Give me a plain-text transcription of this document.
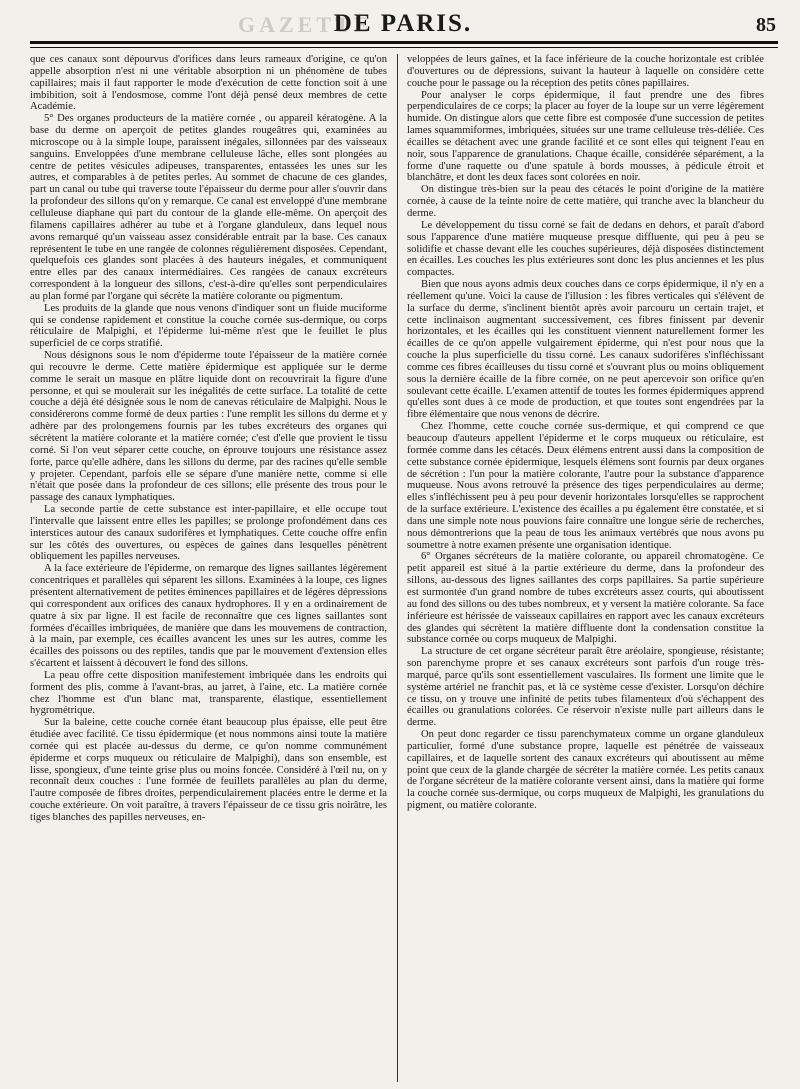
GAZETTE
DE PARIS.	85

que ces canaux sont dépourvus d'orifices dans leurs rameaux d'origine, ce qu'on appelle absorption n'est ni une véritable absorption ni un phénomène de tubes capillaires; mais il faut rapporter le mode d'exécution de cette fonction soit à une imbibition, soit à l'endosmose, comme l'ont déjà pensé deux membres de cette Académie.

5° Des organes producteurs de la matière cornée , ou appareil kératogène. A la base du derme on aperçoit de petites glandes rougeâtres qui, examinées au microscope ou à la simple loupe, paraissent inégales, sillonnées par des vaisseaux sanguins. Enveloppées d'une membrane celluleuse lâche, elles sont plongées au centre de petites vésicules adipeuses, transparentes, entassées les unes sur les autres, et comparables à de petites perles. Au sommet de chacune de ces glandes, part un canal ou tube qui traverse toute l'épaisseur du derme pour aller s'ouvrir dans la profondeur des sillons qu'on y remarque. Ce canal est enveloppé d'une membrane celluleuse diaphane qui part du contour de la glande elle-même. On aperçoit des filamens capillaires adhérer au tube et à l'organe glanduleux, dans lequel nous avons remarqué qu'un vaisseau assez considérable entrait par la base. Ces canaux représentent le tube en une rangée de colonnes régulièrement disposées. Cependant, quelquefois ces glandes sont placées à des hauteurs inégales, et communiquent entre elles par des canaux intermédiaires. Ces rangées de canaux excréteurs correspondent à la longueur des sillons, c'est-à-dire qu'elles sont perpendiculaires au plan formé par l'organe qui sécrète la matière colorante ou pigmentum.

Les produits de la glande que nous venons d'indiquer sont un fluide muciforme qui se condense rapidement et constitue la couche cornée sus-dermique, ou corps réticulaire de Malpighi, et l'épiderme lui-même n'est que le feuillet le plus superficiel de ce corps stratifié.

Nous désignons sous le nom d'épiderme toute l'épaisseur de la matière cornée qui recouvre le derme. Cette matière épidermique est appliquée sur le derme comme le serait un masque en plâtre liquide dont on recouvrirait la figure d'une personne, et qui se moulerait sur les inégalités de cette surface. La totalité de cette couche a déjà été désignée sous le nom de canevas réticulaire de Malpighi. Nous le considérerons comme formé de deux parties : l'une remplit les sillons du derme et y adhère par des prolongemens fournis par les tubes excréteurs des organes qui sécrètent la matière colorante et la matière cornée; c'est d'elle que provient le tissu corné. Si l'on veut séparer cette couche, on éprouve toujours une résistance assez forte, parce qu'elle adhère, dans les sillons du derme, par des racines qu'elle semble y projeter. Cependant, parfois elle se sépare d'une manière nette, comme si elle n'était que posée dans la profondeur de ces sillons; elle présente des trous pour le passage des canaux lymphatiques.

La seconde partie de cette substance est inter-papillaire, et elle occupe tout l'intervalle que laissent entre elles les papilles; se prolonge profondément dans ces interstices autour des canaux sudorifères et lymphatiques. Cette couche offre enfin sur les côtés des ouvertures, ou espèces de gaines dans lesquelles pénètrent obliquement les papilles nerveuses.

A la face extérieure de l'épiderme, on remarque des lignes saillantes légèrement concentriques et parallèles qui séparent les sillons. Examinées à la loupe, ces lignes présentent alternativement de petites éminences papillaires et de légères dépressions qui correspondent aux orifices des canaux hydrophores. Il y en a ordinairement de quatre à six par ligne. Il est facile de reconnaître que ces lignes saillantes sont formées d'écailles imbriquées, de manière que dans les mouvemens de contraction, à la main, par exemple, ces écailles avancent les unes sur les autres, comme les écailles des poissons ou des reptiles, tandis que par le mouvement d'extension elles s'écartent et laissent à découvert le fond des sillons.

La peau offre cette disposition manifestement imbriquée dans les endroits qui forment des plis, comme à l'avant-bras, au jarret, à l'aine, etc. La matière cornée chez l'homme est d'un blanc mat, transparente, élastique, essentiellement hygrométrique.

Sur la baleine, cette couche cornée étant beaucoup plus épaisse, elle peut être étudiée avec facilité. Ce tissu épidermique (et nous nommons ainsi toute la matière cornée qui est placée au-dessus du derme, ce qu'on nomme communément épiderme et corps muqueux ou réticulaire de Malpighi), dans son ensemble, est lisse, spongieux, d'une teinte grise plus ou moins foncée. Considéré à l'œil nu, on y reconnaît deux couches : l'une formée de feuillets parallèles au plan du derme, l'autre composée de fibres droites, perpendiculairement placées entre le derme et la couche extérieure. On voit paraître, à travers l'épaisseur de ce tissu gris noirâtre, les tiges blanches des papilles nerveuses, en-

veloppées de leurs gaînes, et la face inférieure de la couche horizontale est criblée d'ouvertures ou de dépressions, suivant la hauteur à laquelle on considère cette couche pour le passage ou la réception des petits cônes papillaires.

Pour analyser le corps épidermique, il faut prendre une des fibres perpendiculaires de ce corps; la placer au foyer de la loupe sur un verre légèrement humide. On distingue alors que cette fibre est composée d'une succession de petites lames squammiformes, imbriquées, situées sur une trame celluleuse très-déliée. Ces écailles se détachent avec une grande facilité et ce sont elles qui teignent l'eau en noir, sous l'apparence de granulations. Chaque écaille, considérée séparément, a la forme d'une raquette ou d'une spatule à bords mousses, à pédicule étroit et blanchâtre, et dont les deux faces sont colorées en noir.

On distingue très-bien sur la peau des cétacés le point d'origine de la matière cornée, à cause de la teinte noire de cette matière, qui tranche avec la blancheur du derme.

Le développement du tissu corné se fait de dedans en dehors, et paraît d'abord sous l'apparence d'une matière muqueuse presque diffluente, qui peu à peu se solidifie et chasse devant elle les couches supérieures, déjà disposées distinctement en écailles. Les couches les plus extérieures sont donc les plus anciennes et les plus compactes.

Bien que nous ayons admis deux couches dans ce corps épidermique, il n'y en a réellement qu'une. Voici la cause de l'illusion : les fibres verticales qui s'élèvent de la surface du derme, s'inclinent bientôt après avoir parcouru un certain trajet, et cette inclinaison augmentant successivement, ces fibres finissent par devenir horizontales, et les écailles qui les constituent viennent naturellement former les écailles de ce qu'on appelle vulgairement épiderme, qui n'est pour nous que la couche la plus superficielle du tissu corné. Les canaux sudorifères s'infléchissant comme ces fibres écailleuses du tissu corné et s'ouvrant plus ou moins obliquement sous la dernière écaille de la fibre cornée, on ne peut apercevoir son orifice qu'en soulevant cette écaille. L'examen attentif de toutes les formes épidermiques apprend qu'elles sont dues à ce mode de production, et que toutes sont engendrées par la fibre élémentaire que nous venons de décrire.

Chez l'homme, cette couche cornée sus-dermique, et qui comprend ce que beaucoup d'auteurs appellent l'épiderme et le corps muqueux ou réticulaire, est formée comme dans les cétacés. Deux élémens entrent aussi dans la composition de cette substance cornée épidermique, lesquels élémens sont fournis par deux organes de sécrétion : l'un pour la matière colorante, l'autre pour la substance d'apparence muqueuse. Nous avons retrouvé la présence des tiges perpendiculaires au derme; elles s'infléchissent peu à peu pour devenir horizontales lorsqu'elles se rapprochent de la surface extérieure. L'existence des écailles a pu également être constatée, et si dans une simple note nous pouvions faire connaître une longue série de recherches, nous démontrerions que la peau de tous les animaux vertébrés que nous avons pu soumettre à notre examen présente une organisation identique.

6° Organes sécréteurs de la matière colorante, ou appareil chromatogène. Ce petit appareil est situé à la partie extérieure du derme, dans la profondeur des sillons, au-dessous des lignes saillantes des corps papillaires. Sa partie supérieure est surmontée d'un grand nombre de tubes excréteurs assez courts, qui aboutissent au fond des sillons ou des tubes nombreux, et y versent la matière colorante. Sa face inférieure est hérissée de vaisseaux capillaires en rapport avec les canaux excréteurs des glandes qui sécrètent la matière diffluente dont la condensation constitue la substance cornée ou corps muqueux de Malpighi.

La structure de cet organe sécréteur paraît être aréolaire, spongieuse, résistante; son parenchyme propre et ses canaux excréteurs sont parfois d'un rouge très-marqué, parce qu'ils sont essentiellement vasculaires. Ils forment une limite que le système artériel ne franchit pas, et là ce système cesse d'exister. Lorsqu'on déchire ce tissu, on y trouve une infinité de petits tubes filamenteux d'où s'échappent des écailles ou granulations colorées. Ce réservoir n'existe nulle part ailleurs dans le derme.

On peut donc regarder ce tissu parenchymateux comme un organe glanduleux particulier, formé d'une substance propre, laquelle est pénétrée de vaisseaux capillaires, et de laquelle sortent des canaux excréteurs qui aboutissent au même point que ceux de la glande chargée de sécréter la matière cornée. Les petits canaux de l'organe sécréteur de la matière colorante versent ainsi, dans la matière qui forme la couche cornée sus-dermique, ou corps muqueux de Malpighi, les granulations du pigment, ou matière colorante.
